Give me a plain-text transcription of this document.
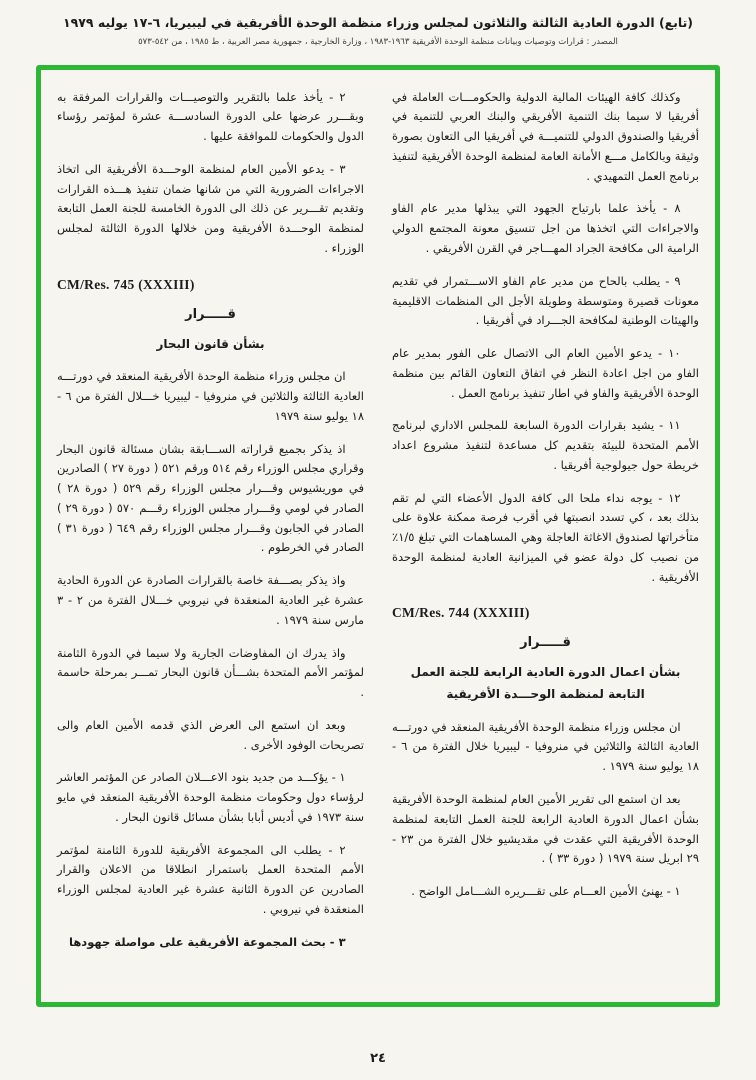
(تابع) الدورة العادية الثالثة والثلاثون لمجلس وزراء منظمة الوحدة الأفريقية في ليبيريا، ٦-١٧ يوليه ١٩٧٩
المصدر : قرارات وتوصيات وبيانات منظمة الوحدة الأفريقية ١٩٦٣-١٩٨٣ ، وزارة الخارجية ، جمهورية مصر العربية ، ط ١٩٨٥ ، من ٥٤٢-٥٧٣
وكذلك كافة الهيئات المالية الدولية والحكومـــات العاملة في أفريقيا لا سيما بنك التنمية الأفريقي والبنك العربي للتنمية في أفريقيا والصندوق الدولي للتنميـــة في أفريقيا الى التعاون بصورة وثيقة وبالكامل مـــع الأمانة العامة لمنظمة الوحدة الأفريقية لتنفيذ برنامج العمل التمهيدي .
٨ - يأخذ علما بارتياح الجهود التي يبذلها مدير عام الفاو والاجراءات التي اتخذها من اجل تنسيق معونة المجتمع الدولي الرامية الى مكافحة الجراد المهـــاجر في القرن الأفريقي .
٩ - يطلب بالحاح من مدير عام الفاو الاســـتمرار في تقديم معونات قصيرة ومتوسطة وطويلة الأجل الى المنظمات الاقليمية والهيئات الوطنية لمكافحة الجـــراد في أفريقيا .
١٠ - يدعو الأمين العام الى الاتصال على الفور بمدير عام الفاو من اجل اعادة النظر في اتفاق التعاون القائم بين منظمة الوحدة الأفريقية والفاو في اطار تنفيذ برنامج العمل .
١١ - يشيد بقرارات الدورة السابعة للمجلس الاداري لبرنامج الأمم المتحدة للبيئة بتقديم كل مساعدة لتنفيذ مشروع اعداد خريطة حول جيولوجية أفريقيا .
١٢ - يوجه نداء ملحا الى كافة الدول الأعضاء التي لم تقم بذلك بعد ، كي تسدد انصبتها في أقرب فرصة ممكنة علاوة على متأخراتها لصندوق الاغاثة العاجلة وهي المساهمات التي تبلغ ١/٥٪ من نصيب كل دولة عضو في الميزانية العادية لمنظمة الوحدة الأفريقية .
CM/Res. 744 (XXXIII)
قـــــرار
بشأن اعمال الدورة العادية الرابعة للجنة العمل التابعة لمنظمة الوحـــدة الأفريقية
ان مجلس وزراء منظمة الوحدة الأفريقية المنعقد في دورتـــه العادية الثالثة والثلاثين في منروفيا - ليبيريا خلال الفترة من ٦ - ١٨ يوليو سنة ١٩٧٩ .
بعد ان استمع الى تقرير الأمين العام لمنظمة الوحدة الأفريقية بشأن اعمال الدورة العادية الرابعة للجنة العمل التابعة لمنظمة الوحدة الأفريقية التي عقدت في مقديشيو خلال الفترة من ٢٣ - ٢٩ ابريل سنة ١٩٧٩ ( دورة ٣٣ ) .
١ - يهنئ الأمين العـــام على تقـــريره الشـــامل الواضح .
٢ - يأخذ علما بالتقرير والتوصيـــات والقرارات المرفقة به وبقـــرر عرضها على الدورة السادســـة عشرة لمؤتمر رؤساء الدول والحكومات للموافقة عليها .
٣ - يدعو الأمين العام لمنظمة الوحـــدة الأفريقية الى اتخاذ الاجراءات الضرورية التي من شانها ضمان تنفيذ هـــذه القرارات وتقديم تقـــرير عن ذلك الى الدورة الخامسة للجنة العمل التابعة لمنظمة الوحـــدة الأفريقية ومن خلالها الدورة الثالثة لمجلس الوزراء .
CM/Res. 745 (XXXIII)
قـــــرار
بشأن قانون البحار
ان مجلس وزراء منظمة الوحدة الأفريقية المنعقد في دورتـــه العادية الثالثة والثلاثين في منروفيا - ليبيريا خـــلال الفترة من ٦ - ١٨ يوليو سنة ١٩٧٩
اذ يذكر بجميع قراراته الســـابقة بشان مسئالة قانون البحار وقراري مجلس الوزراء رقم ٥١٤ ورقم ٥٢١ ( دورة ٢٧ ) الصادرين في موريشيوس وقـــرار مجلس الوزراء رقم ٥٢٩ ( دورة ٢٨ ) الصادر في لومي وقـــرار مجلس الوزراء رقـــم ٥٧٠ ( دورة ٢٩ ) الصادر في الجابون وقـــرار مجلس الوزراء رقم ٦٤٩ ( دورة ٣١ ) الصادر في الخرطوم .
واذ يذكر بصـــفة خاصة بالقرارات الصادرة عن الدورة الحادية عشرة غير العادية المنعقدة في نيروبي خـــلال الفترة من ٢ - ٣ مارس سنة ١٩٧٩ .
واذ يدرك ان المفاوضات الجارية ولا سيما في الدورة الثامنة لمؤتمر الأمم المتحدة بشـــأن قانون البحار تمـــر بمرحلة حاسمة .
وبعد ان استمع الى العرض الذي قدمه الأمين العام والى تصريحات الوفود الأخرى .
١ - يؤكـــد من جديد بنود الاعـــلان الصادر عن المؤتمر العاشر لرؤساء دول وحكومات منظمة الوحدة الأفريقية المنعقد في مايو سنة ١٩٧٣ في أديس أبابا بشأن مسائل قانون البحار .
٢ - يطلب الى المجموعة الأفريقية للدورة الثامنة لمؤتمر الأمم المتحدة العمل باستمرار انطلاقا من الاعلان والقرار الصادرين عن الدورة الثانية عشرة غير العادية لمجلس الوزراء المنعقدة في نيروبي .
٣ - بحث المجموعة الأفريقية على مواصلة جهودها
٢٤
